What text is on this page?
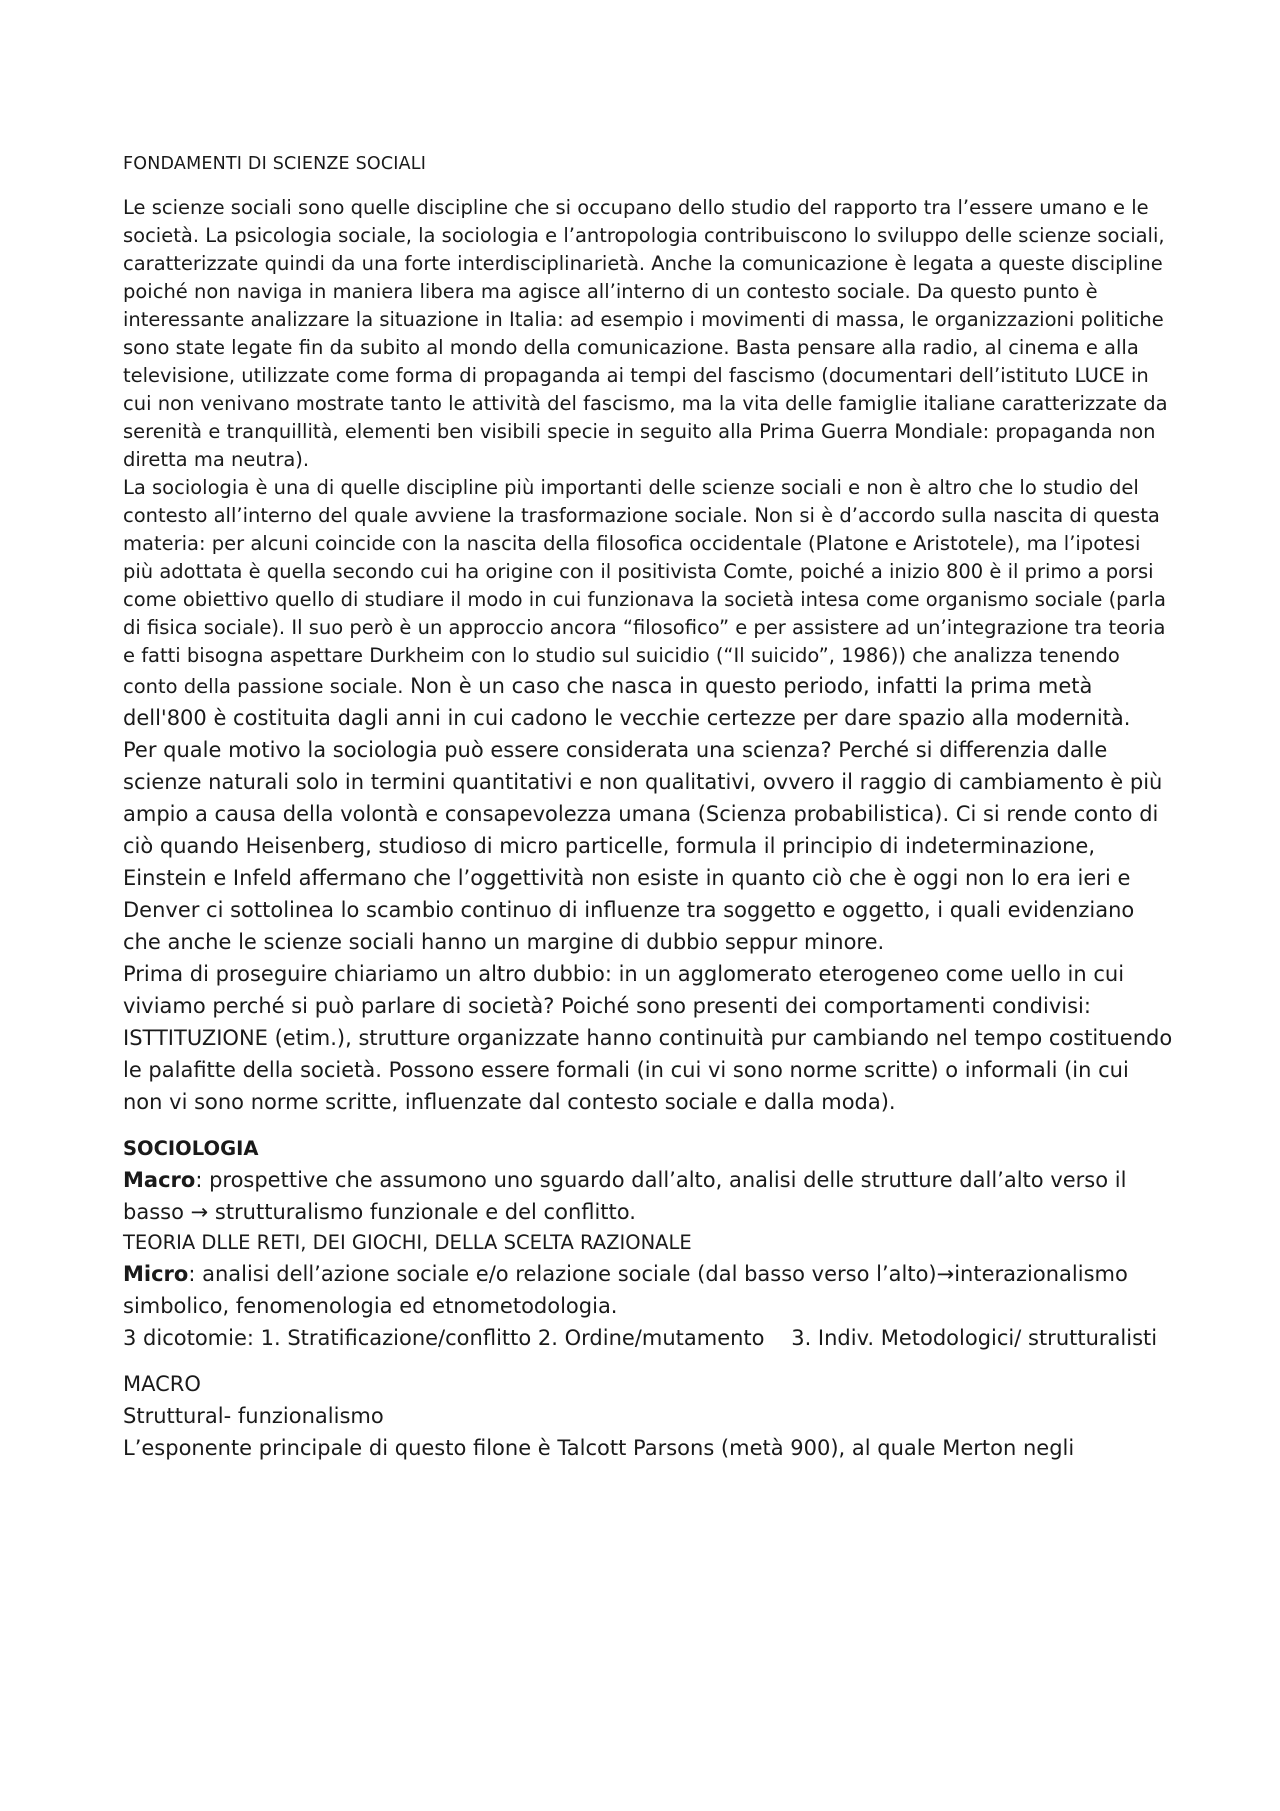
FONDAMENTI DI SCIENZE SOCIALI

Le scienze sociali sono quelle discipline che si occupano dello studio del rapporto tra l’essere umano e le società. La psicologia sociale, la sociologia e l’antropologia contribuiscono lo sviluppo delle scienze sociali, caratterizzate quindi da una forte interdisciplinarietà. Anche la comunicazione è legata a queste discipline poiché non naviga in maniera libera ma agisce all’interno di un contesto sociale. Da questo punto è interessante analizzare la situazione in Italia: ad esempio i movimenti di massa, le organizzazioni politiche sono state legate fin da subito al mondo della comunicazione. Basta pensare alla radio, al cinema e alla televisione, utilizzate come forma di propaganda ai tempi del fascismo (documentari dell’istituto LUCE in cui non venivano mostrate tanto le attività del fascismo, ma la vita delle famiglie italiane caratterizzate da serenità e tranquillità, elementi ben visibili specie in seguito alla Prima Guerra Mondiale: propaganda non diretta ma neutra).

La sociologia è una di quelle discipline più importanti delle scienze sociali e non è altro che lo studio del contesto all’interno del quale avviene la trasformazione sociale. Non si è d’accordo sulla nascita di questa materia: per alcuni coincide con la nascita della filosofica occidentale (Platone e Aristotele), ma l’ipotesi più adottata è quella secondo cui ha origine con il positivista Comte, poiché a inizio 800 è il primo a porsi come obiettivo quello di studiare il modo in cui funzionava la società intesa come organismo sociale (parla di fisica sociale). Il suo però è un approccio ancora “filosofico” e per assistere ad un’integrazione tra teoria e fatti bisogna aspettare Durkheim con lo studio sul suicidio (“Il suicido”, 1986)) che analizza tenendo conto della passione sociale. Non è un caso che nasca in questo periodo, infatti la prima metà dell'800 è costituita dagli anni in cui cadono le vecchie certezze per dare spazio alla modernità.

Per quale motivo la sociologia può essere considerata una scienza? Perché si differenzia dalle scienze naturali solo in termini quantitativi e non qualitativi, ovvero il raggio di cambiamento è più ampio a causa della volontà e consapevolezza umana (Scienza probabilistica). Ci si rende conto di ciò quando Heisenberg, studioso di micro particelle, formula il principio di indeterminazione, Einstein e Infeld affermano che l’oggettività non esiste in quanto ciò che è oggi non lo era ieri e Denver ci sottolinea lo scambio continuo di influenze tra soggetto e oggetto, i quali evidenziano che anche le scienze sociali hanno un margine di dubbio seppur minore.

Prima di proseguire chiariamo un altro dubbio: in un agglomerato eterogeneo come uello in cui viviamo perché si può parlare di società? Poiché sono presenti dei comportamenti condivisi: ISTTITUZIONE (etim.), strutture organizzate hanno continuità pur cambiando nel tempo costituendo le palafitte della società. Possono essere formali (in cui vi sono norme scritte) o informali (in cui non vi sono norme scritte, influenzate dal contesto sociale e dalla moda).

SOCIOLOGIA

Macro: prospettive che assumono uno sguardo dall’alto, analisi delle strutture dall’alto verso il basso → strutturalismo funzionale e del conflitto.

TEORIA DLLE RETI, DEI GIOCHI, DELLA SCELTA RAZIONALE

Micro: analisi dell’azione sociale e/o relazione sociale (dal basso verso l’alto)→interazionalismo simbolico, fenomenologia ed etnometodologia.

3 dicotomie: 1. Stratificazione/conflitto 2. Ordine/mutamento    3. Indiv. Metodologici/ strutturalisti

MACRO
Struttural- funzionalismo
L’esponente principale di questo filone è Talcott Parsons (metà 900), al quale Merton negli
